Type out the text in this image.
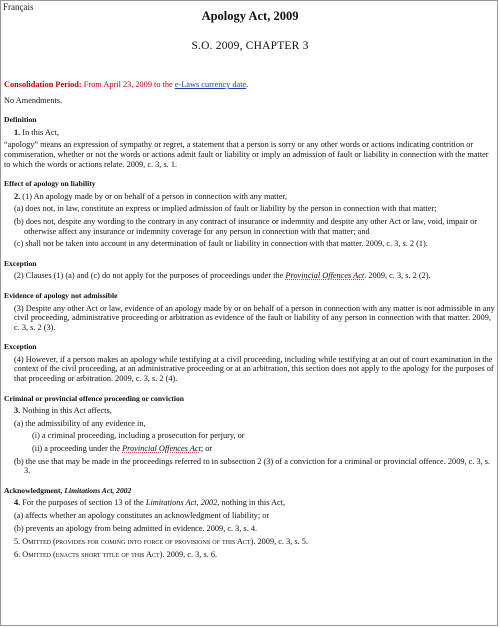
Français
Apology Act, 2009
S.O. 2009, CHAPTER 3
Consolidation Period: From April 23, 2009 to the e-Laws currency date.
No Amendments.
Definition
1. In this Act,
“apology” means an expression of sympathy or regret, a statement that a person is sorry or any other words or actions indicating contrition or commiseration, whether or not the words or actions admit fault or liability or imply an admission of fault or liability in connection with the matter to which the words or actions relate. 2009, c. 3, s. 1.
Effect of apology on liability
2. (1) An apology made by or on behalf of a person in connection with any matter,
(a) does not, in law, constitute an express or implied admission of fault or liability by the person in connection with that matter;
(b) does not, despite any wording to the contrary in any contract of insurance or indemnity and despite any other Act or law, void, impair or otherwise affect any insurance or indemnity coverage for any person in connection with that matter; and
(c) shall not be taken into account in any determination of fault or liability in connection with that matter. 2009, c. 3, s. 2 (1).
Exception
(2) Clauses (1) (a) and (c) do not apply for the purposes of proceedings under the Provincial Offences Act. 2009, c. 3, s. 2 (2).
Evidence of apology not admissible
(3) Despite any other Act or law, evidence of an apology made by or on behalf of a person in connection with any matter is not admissible in any civil proceeding, administrative proceeding or arbitration as evidence of the fault or liability of any person in connection with that matter. 2009, c. 3, s. 2 (3).
Exception
(4) However, if a person makes an apology while testifying at a civil proceeding, including while testifying at an out of court examination in the context of the civil proceeding, at an administrative proceeding or at an arbitration, this section does not apply to the apology for the purposes of that proceeding or arbitration. 2009, c. 3, s. 2 (4).
Criminal or provincial offence proceeding or conviction
3. Nothing in this Act affects,
(a) the admissibility of any evidence in,
(i) a criminal proceeding, including a prosecution for perjury, or
(ii) a proceeding under the Provincial Offences Act; or
(b) the use that may be made in the proceedings referred to in subsection 2 (3) of a conviction for a criminal or provincial offence. 2009, c. 3, s. 3.
Acknowledgment, Limitations Act, 2002
4. For the purposes of section 13 of the Limitations Act, 2002, nothing in this Act,
(a) affects whether an apology constitutes an acknowledgment of liability; or
(b) prevents an apology from being admitted in evidence. 2009, c. 3, s. 4.
5. Omitted (provides for coming into force of provisions of this Act). 2009, c. 3, s. 5.
6. Omitted (enacts short title of this Act). 2009, c. 3, s. 6.
